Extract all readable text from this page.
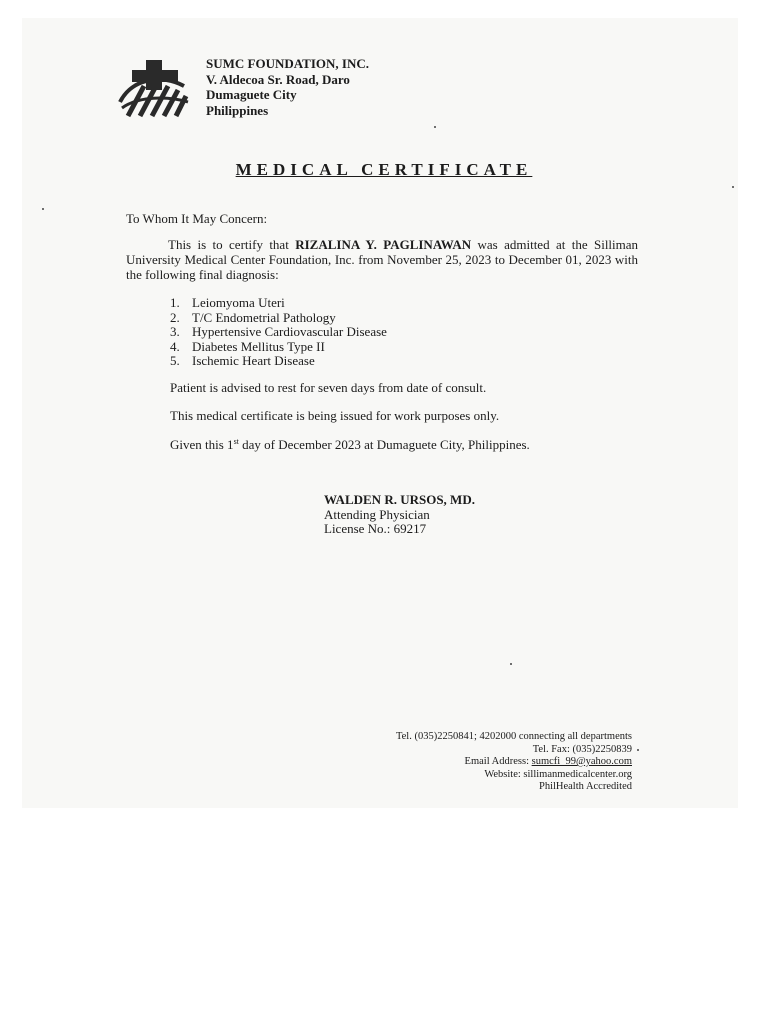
SUMC FOUNDATION, INC.
V. Aldecoa Sr. Road, Daro
Dumaguete City
Philippines
MEDICAL CERTIFICATE
To Whom It May Concern:
This is to certify that RIZALINA Y. PAGLINAWAN was admitted at the Silliman University Medical Center Foundation, Inc. from November 25, 2023 to December 01, 2023 with the following final diagnosis:
1. Leiomyoma Uteri
2. T/C Endometrial Pathology
3. Hypertensive Cardiovascular Disease
4. Diabetes Mellitus Type II
5. Ischemic Heart Disease
Patient is advised to rest for seven days from date of consult.
This medical certificate is being issued for work purposes only.
Given this 1st day of December 2023 at Dumaguete City, Philippines.
WALDEN R. URSOS, MD.
Attending Physician
License No.: 69217
Tel. (035)2250841; 4202000 connecting all departments
Tel. Fax: (035)2250839
Email Address: sumcfi_99@yahoo.com
Website: sillimanmedicalcenter.org
PhilHealth Accredited
